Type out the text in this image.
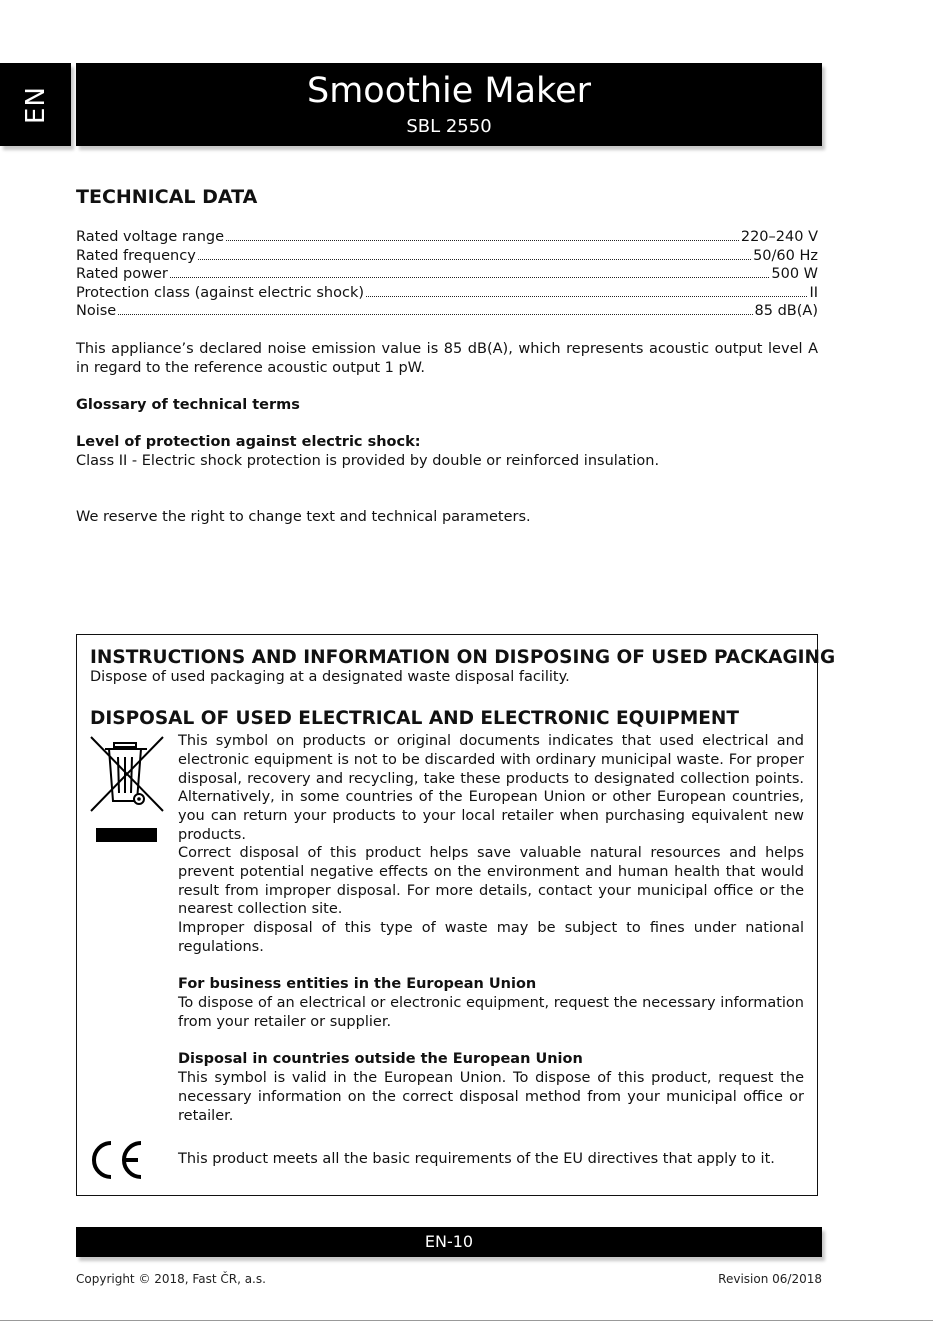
EN	Smoothie Maker
SBL 2550
TECHNICAL DATA
Rated voltage range	220–240 V
Rated frequency	50/60 Hz
Rated power	500 W
Protection class (against electric shock)	II
Noise	85 dB(A)

This appliance’s declared noise emission value is 85 dB(A), which represents acoustic output level A in regard to the reference acoustic output 1 pW.

Glossary of technical terms

Level of protection against electric shock:

Class II - Electric shock protection is provided by double or reinforced insulation.

We reserve the right to change text and technical parameters.

INSTRUCTIONS AND INFORMATION ON DISPOSING OF USED PACKAGING

Dispose of used packaging at a designated waste disposal facility.

DISPOSAL OF USED ELECTRICAL AND ELECTRONIC EQUIPMENT

This symbol on products or original documents indicates that used electrical and electronic equipment is not to be discarded with ordinary municipal waste. For proper disposal, recovery and recycling, take these products to designated collection points. Alternatively, in some countries of the European Union or other European countries, you can return your products to your local retailer when purchasing equivalent new products.

Correct disposal of this product helps save valuable natural resources and helps prevent potential negative effects on the environment and human health that would result from improper disposal. For more details, contact your municipal office or the nearest collection site.

Improper disposal of this type of waste may be subject to fines under national regulations.

For business entities in the European Union

To dispose of an electrical or electronic equipment, request the necessary information from your retailer or supplier.

Disposal in countries outside the European Union

This symbol is valid in the European Union. To dispose of this product, request the necessary information on the correct disposal method from your municipal office or retailer.

This product meets all the basic requirements of the EU directives that apply to it.

EN-10
Copyright © 2018, Fast ČR, a.s.	Revision 06/2018
